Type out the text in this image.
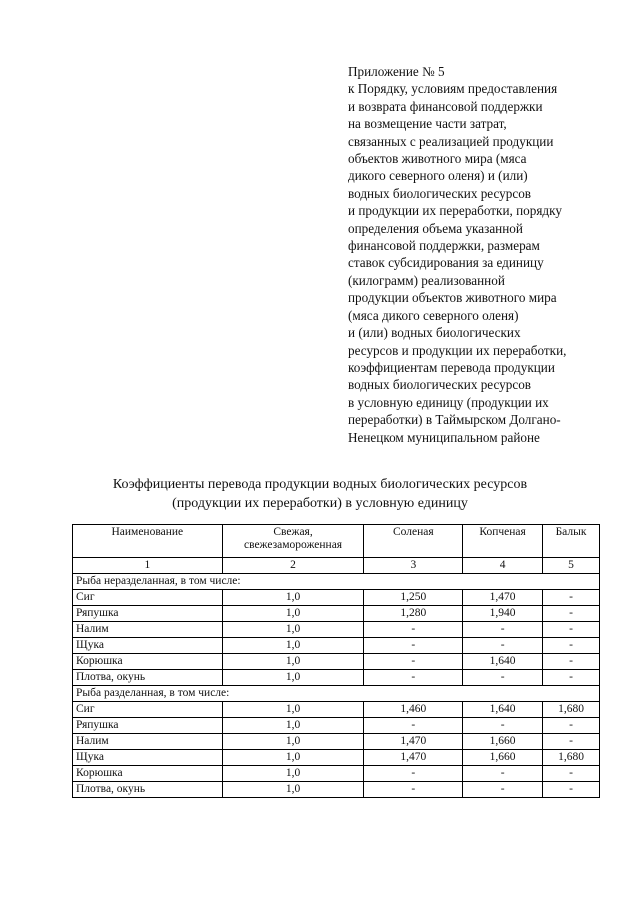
Приложение № 5
к Порядку, условиям предоставления
и возврата финансовой поддержки
на возмещение части затрат,
связанных с реализацией продукции
объектов животного мира (мяса
дикого северного оленя) и (или)
водных биологических ресурсов
и продукции их переработки, порядку
определения объема указанной
финансовой поддержки, размерам
ставок субсидирования за единицу
(килограмм) реализованной
продукции объектов животного мира
(мяса дикого северного оленя)
и (или) водных биологических
ресурсов и продукции их переработки,
коэффициентам перевода продукции
водных биологических ресурсов
в условную единицу (продукции их
переработки) в Таймырском Долгано-
Ненецком муниципальном районе
Коэффициенты перевода продукции водных биологических ресурсов
(продукции их переработки) в условную единицу
Наименование	Свежая, свежезамороженная	Соленая	Копченая	Балык
1	2	3	4	5
Рыба неразделанная, в том числе:				
Сиг	1,0	1,250	1,470	-
Ряпушка	1,0	1,280	1,940	-
Налим	1,0	-	-	-
Щука	1,0	-	-	-
Корюшка	1,0	-	1,640	-
Плотва, окунь	1,0	-	-	-
Рыба разделанная, в том числе:				
Сиг	1,0	1,460	1,640	1,680
Ряпушка	1,0	-	-	-
Налим	1,0	1,470	1,660	-
Щука	1,0	1,470	1,660	1,680
Корюшка	1,0	-	-	-
Плотва, окунь	1,0	-	-	-
